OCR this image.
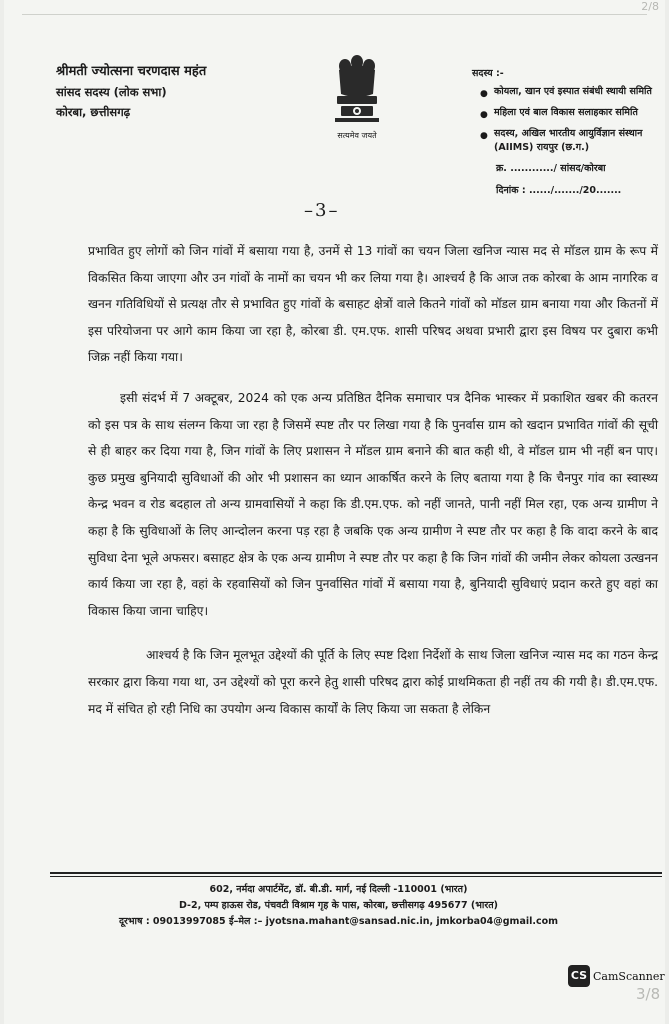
2/8
श्रीमती ज्योत्सना चरणदास महंत
सांसद सदस्य (लोक सभा)
कोरबा, छत्तीसगढ़
सत्यमेव जयते
सदस्य :-
● कोयला, खान एवं इस्पात संबंधी स्थायी समिति
● महिला एवं बाल विकास सलाहकार समिति
● सदस्य, अखिल भारतीय आयुर्विज्ञान संस्थान (AIIMS) रायपुर (छ.ग.)
क्र. ............/ सांसद/कोरबा
दिनांक : ....../......./20.......
–3–

प्रभावित हुए लोगों को जिन गांवों में बसाया गया है, उनमें से 13 गांवों का चयन जिला खनिज न्यास मद से मॉडल ग्राम के रूप में विकसित किया जाएगा और उन गांवों के नामों का चयन भी कर लिया गया है। आश्चर्य है कि आज तक कोरबा के आम नागरिक व खनन गतिविधियों से प्रत्यक्ष तौर से प्रभावित हुए गांवों के बसाहट क्षेत्रों वाले कितने गांवों को मॉडल ग्राम बनाया गया और कितनों में इस परियोजना पर आगे काम किया जा रहा है, कोरबा डी. एम.एफ. शासी परिषद अथवा प्रभारी द्वारा इस विषय पर दुबारा कभी जिक्र नहीं किया गया।

इसी संदर्भ में 7 अक्टूबर, 2024 को एक अन्य प्रतिष्ठित दैनिक समाचार पत्र दैनिक भास्कर में प्रकाशित खबर की कतरन को इस पत्र के साथ संलग्न किया जा रहा है जिसमें स्पष्ट तौर पर लिखा गया है कि पुनर्वास ग्राम को खदान प्रभावित गांवों की सूची से ही बाहर कर दिया गया है, जिन गांवों के लिए प्रशासन ने मॉडल ग्राम बनाने की बात कही थी, वे मॉडल ग्राम भी नहीं बन पाए। कुछ प्रमुख बुनियादी सुविधाओं की ओर भी प्रशासन का ध्यान आकर्षित करने के लिए बताया गया है कि चैनपुर गांव का स्वास्थ्य केन्द्र भवन व रोड बदहाल तो अन्य ग्रामवासियों ने कहा कि डी.एम.एफ. को नहीं जानते, पानी नहीं मिल रहा, एक अन्य ग्रामीण ने कहा है कि सुविधाओं के लिए आन्दोलन करना पड़ रहा है जबकि एक अन्य ग्रामीण ने स्पष्ट तौर पर कहा है कि वादा करने के बाद सुविधा देना भूले अफसर। बसाहट क्षेत्र के एक अन्य ग्रामीण ने स्पष्ट तौर पर कहा है कि जिन गांवों की जमीन लेकर कोयला उत्खनन कार्य किया जा रहा है, वहां के रहवासियों को जिन पुनर्वासित गांवों में बसाया गया है, बुनियादी सुविधाएं प्रदान करते हुए वहां का विकास किया जाना चाहिए।

आश्चर्य है कि जिन मूलभूत उद्देश्यों की पूर्ति के लिए स्पष्ट दिशा निर्देशों के साथ जिला खनिज न्यास मद का गठन केन्द्र सरकार द्वारा किया गया था, उन उद्देश्यों को पूरा करने हेतु शासी परिषद द्वारा कोई प्राथमिकता ही नहीं तय की गयी है। डी.एम.एफ. मद में संचित हो रही निधि का उपयोग अन्य विकास कार्यों के लिए किया जा सकता है लेकिन

602, नर्मदा अपार्टमेंट, डॉ. बी.डी. मार्ग, नई दिल्ली -110001 (भारत)
D-2, पम्प हाऊस रोड, पंचवटी विश्राम गृह के पास, कोरबा, छत्तीसगढ़ 495677 (भारत)
दूरभाष : 09013997085 ई–मेल :– jyotsna.mahant@sansad.nic.in, jmkorba04@gmail.com
CS CamScanner
3/8
